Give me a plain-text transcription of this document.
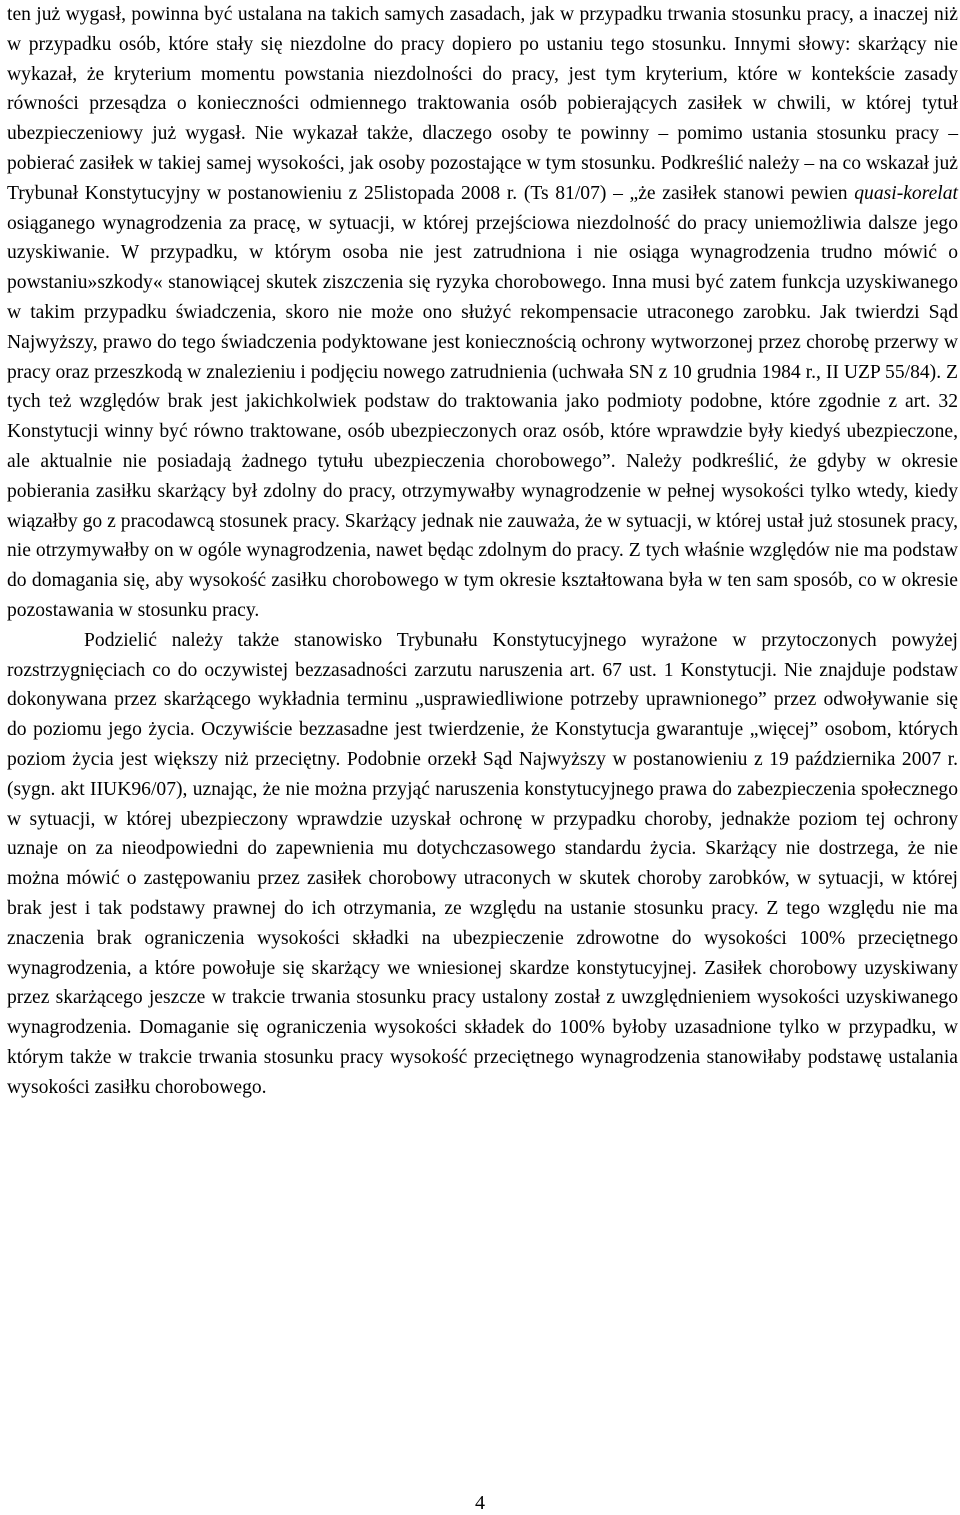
ten już wygasł, powinna być ustalana na takich samych zasadach, jak w przypadku trwania stosunku pracy, a inaczej niż w przypadku osób, które stały się niezdolne do pracy dopiero po ustaniu tego stosunku. Innymi słowy: skarżący nie wykazał, że kryterium momentu powstania niezdolności do pracy, jest tym kryterium, które w kontekście zasady równości przesądza o konieczności odmiennego traktowania osób pobierających zasiłek w chwili, w której tytuł ubezpieczeniowy już wygasł. Nie wykazał także, dlaczego osoby te powinny – pomimo ustania stosunku pracy – pobierać zasiłek w takiej samej wysokości, jak osoby pozostające w tym stosunku. Podkreślić należy – na co wskazał już Trybunał Konstytucyjny w postanowieniu z 25listopada 2008 r. (Ts 81/07) – „że zasiłek stanowi pewien quasi-korelat osiąganego wynagrodzenia za pracę, w sytuacji, w której przejściowa niezdolność do pracy uniemożliwia dalsze jego uzyskiwanie. W przypadku, w którym osoba nie jest zatrudniona i nie osiąga wynagrodzenia trudno mówić o powstaniu»szkody« stanowiącej skutek ziszczenia się ryzyka chorobowego. Inna musi być zatem funkcja uzyskiwanego w takim przypadku świadczenia, skoro nie może ono służyć rekompensacie utraconego zarobku. Jak twierdzi Sąd Najwyższy, prawo do tego świadczenia podyktowane jest koniecznością ochrony wytworzonej przez chorobę przerwy w pracy oraz przeszkodą w znalezieniu i podjęciu nowego zatrudnienia (uchwała SN z 10 grudnia 1984 r., II UZP 55/84). Z tych też względów brak jest jakichkolwiek podstaw do traktowania jako podmioty podobne, które zgodnie z art. 32 Konstytucji winny być równo traktowane, osób ubezpieczonych oraz osób, które wprawdzie były kiedyś ubezpieczone, ale aktualnie nie posiadają żadnego tytułu ubezpieczenia chorobowego”. Należy podkreślić, że gdyby w okresie pobierania zasiłku skarżący był zdolny do pracy, otrzymywałby wynagrodzenie w pełnej wysokości tylko wtedy, kiedy wiązałby go z pracodawcą stosunek pracy. Skarżący jednak nie zauważa, że w sytuacji, w której ustał już stosunek pracy, nie otrzymywałby on w ogóle wynagrodzenia, nawet będąc zdolnym do pracy. Z tych właśnie względów nie ma podstaw do domagania się, aby wysokość zasiłku chorobowego w tym okresie kształtowana była w ten sam sposób, co w okresie pozostawania w stosunku pracy.

Podzielić należy także stanowisko Trybunału Konstytucyjnego wyrażone w przytoczonych powyżej rozstrzygnięciach co do oczywistej bezzasadności zarzutu naruszenia art. 67 ust. 1 Konstytucji. Nie znajduje podstaw dokonywana przez skarżącego wykładnia terminu „usprawiedliwione potrzeby uprawnionego” przez odwoływanie się do poziomu jego życia. Oczywiście bezzasadne jest twierdzenie, że Konstytucja gwarantuje „więcej” osobom, których poziom życia jest większy niż przeciętny. Podobnie orzekł Sąd Najwyższy w postanowieniu z 19 października 2007 r. (sygn. akt IIUK96/07), uznając, że nie można przyjąć naruszenia konstytucyjnego prawa do zabezpieczenia społecznego w sytuacji, w której ubezpieczony wprawdzie uzyskał ochronę w przypadku choroby, jednakże poziom tej ochrony uznaje on za nieodpowiedni do zapewnienia mu dotychczasowego standardu życia. Skarżący nie dostrzega, że nie można mówić o zastępowaniu przez zasiłek chorobowy utraconych w skutek choroby zarobków, w sytuacji, w której brak jest i tak podstawy prawnej do ich otrzymania, ze względu na ustanie stosunku pracy. Z tego względu nie ma znaczenia brak ograniczenia wysokości składki na ubezpieczenie zdrowotne do wysokości 100% przeciętnego wynagrodzenia, a które powołuje się skarżący we wniesionej skardze konstytucyjnej. Zasiłek chorobowy uzyskiwany przez skarżącego jeszcze w trakcie trwania stosunku pracy ustalony został z uwzględnieniem wysokości uzyskiwanego wynagrodzenia. Domaganie się ograniczenia wysokości składek do 100% byłoby uzasadnione tylko w przypadku, w którym także w trakcie trwania stosunku pracy wysokość przeciętnego wynagrodzenia stanowiłaby podstawę ustalania wysokości zasiłku chorobowego.

4
